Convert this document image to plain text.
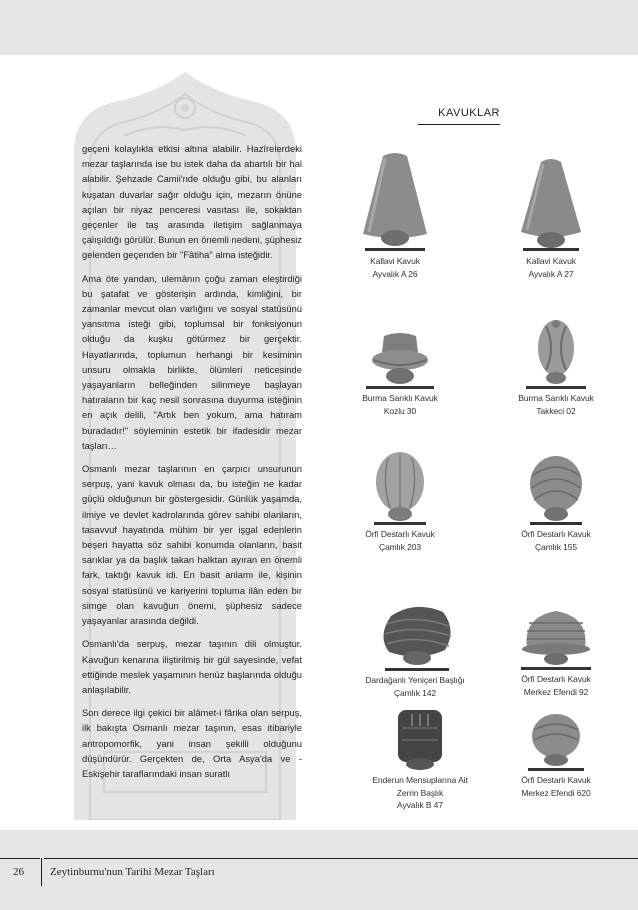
KAVUKLAR

geçeni kolaylıkla etkisi altına alabilir. Hazîrelerdeki mezar taşlarında ise bu istek daha da abartılı bir hal alabilir. Şehzade Camii'nde olduğu gibi, bu alanları kuşatan duvarlar sağır olduğu için, mezarın önüne açılan bir niyaz penceresi vasıtası ile, sokaktan geçenler ile taş arasında iletişim sağlanmaya çalışıldığı görülür. Bunun en önemli nedeni, şüphesiz gelenden geçenden bir "Fâtiha" alma isteğidir.

Ama öte yandan, ulemânın çoğu zaman eleştirdiği bu şatafat ve gösterişin ardında, kimliğini, bir zamanlar mevcut olan varlığını ve sosyal statüsünü yansıtma isteği gibi, toplumsal bir fonksiyonun olduğu da kuşku götürmez bir gerçektir. Hayatlarında, toplumun herhangi bir kesiminin unsuru olmakla birlikte, ölümleri neticesinde yaşayanların belleğinden silinmeye başlayan hatıraların bir kaç nesil sonrasına duyurma isteğinin en açık delili, "Artık ben yokum, ama hatıram buradadır!" söyleminin estetik bir ifadesidir mezar taşları…

Osmanlı mezar taşlarının en çarpıcı unsurunun serpuş, yani kavuk olması da, bu isteğin ne kadar güçlü olduğunun bir göstergesidir. Günlük yaşamda, ilmiye ve devlet kadrolarında görev sahibi olanların, tasavvuf hayatında mühim bir yer işgal edenlerin beşeri hayatta söz sahibi konumda olanların, basit sarıklar ya da başlık takan halktan ayıran en önemli fark, taktığı kavuk idi. En basit anlamı ile, kişinin sosyal statüsünü ve kariyerini topluma ilân eden bir simge olan kavuğun önemi, şüphesiz sadece yaşayanlar arasında değildi.

Osmanlı'da serpuş, mezar taşının dili olmuştur. Kavuğun kenarına iliştirilmiş bir gül sayesinde, vefat ettiğinde meslek yaşamının henüz başlarında olduğu anlaşılabilir.

Son derece ilgi çekici bir alâmet-i fârika olan serpuş, ilk bakışta Osmanlı mezar taşının, esas itibariyle antropomorfik, yani insan şekilli olduğunu düşündürür. Gerçekten de, Orta Asya'da ve - Eskişehir taraflarındaki insan suratlı

Kallavi Kavuk
Ayvalık A 26
Kallavi Kavuk
Ayvalık A 27
Burma Sarıklı Kavuk
Kozlu 30
Burma Sarıklı Kavuk
Takkeci 02
Örfi Destarlı Kavuk
Çamlık 203
Örfi Destarlı Kavuk
Çamlık 155
Dardağanlı Yeniçeri Başlığı
Çamlık 142
Örfi Destarlı Kavuk
Merkez Efendi 92
Enderun Mensuplarına Ait
Zerrin Başlık
Ayvalık B 47
Örfi Destarlı Kavuk
Merkez Efendi 620
26 Zeytinburnu'nun Tarihi Mezar Taşları
